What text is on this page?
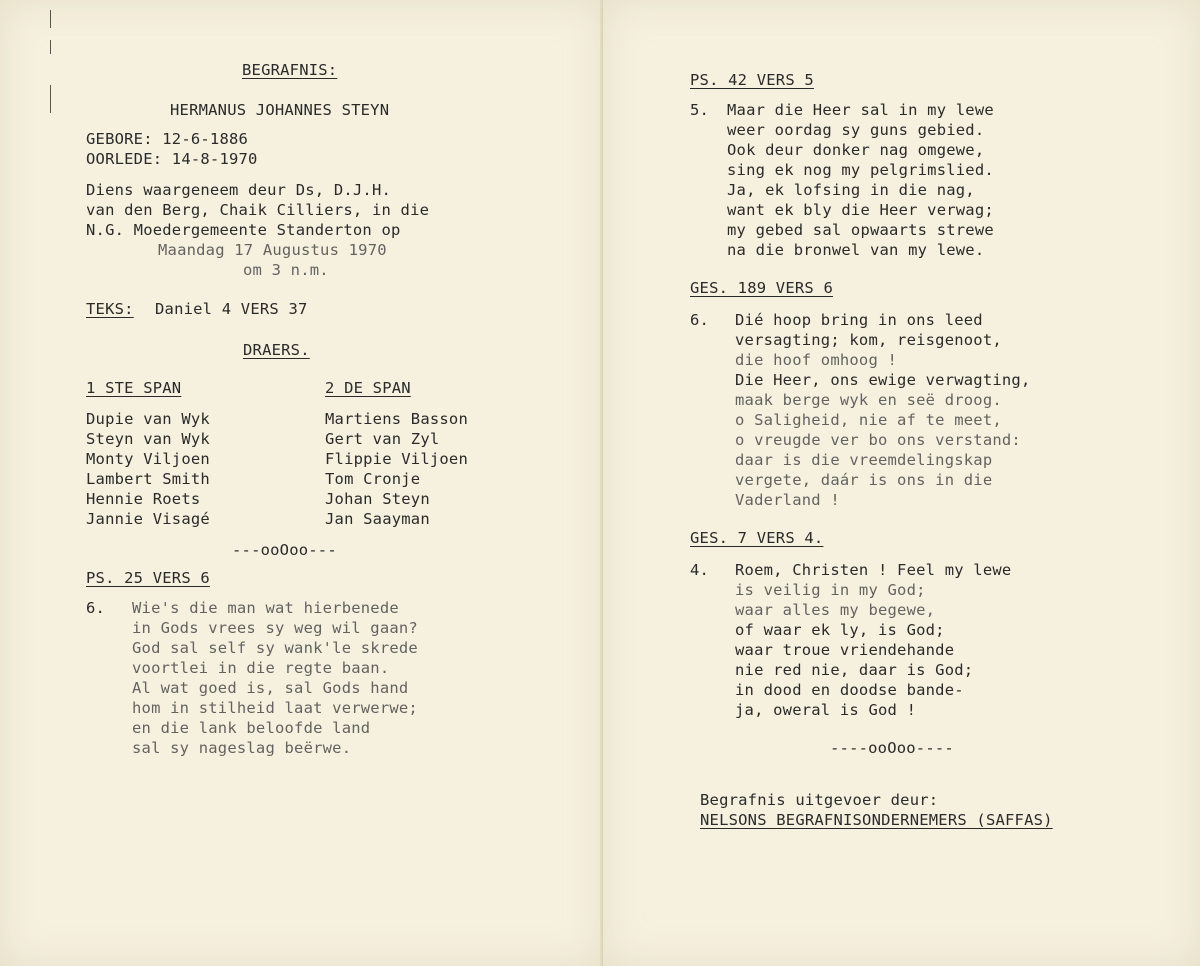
BEGRAFNIS:
HERMANUS JOHANNES STEYN
GEBORE: 12-6-1886
OORLEDE: 14-8-1970
Diens waargeneem deur Ds, D.J.H.
van den Berg, Chaik Cilliers, in die
N.G. Moedergemeente Standerton op
Maandag 17 Augustus 1970
om 3 n.m.
TEKS: Daniel 4 VERS 37
DRAERS.
1 STE SPAN	2 DE SPAN
Dupie van Wyk
Steyn van Wyk
Monty Viljoen
Lambert Smith
Hennie Roets
Jannie Visagé
Martiens Basson
Gert van Zyl
Flippie Viljoen
Tom Cronje
Johan Steyn
Jan Saayman
---ooOoo---
PS. 25 VERS 6
6. Wie's die man wat hierbenede
in Gods vrees sy weg wil gaan?
God sal self sy wank'le skrede
voortlei in die regte baan.
Al wat goed is, sal Gods hand
hom in stilheid laat verwerwe;
en die lank beloofde land
sal sy nageslag beërwe.
PS. 42 VERS 5
5. Maar die Heer sal in my lewe
weer oordag sy guns gebied.
Ook deur donker nag omgewe,
sing ek nog my pelgrimslied.
Ja, ek lofsing in die nag,
want ek bly die Heer verwag;
my gebed sal opwaarts strewe
na die bronwel van my lewe.
GES. 189 VERS 6
6. Dié hoop bring in ons leed
versagting; kom, reisgenoot,
die hoof omhoog !
Die Heer, ons ewige verwagting,
maak berge wyk en seë droog.
o Saligheid, nie af te meet,
o vreugde ver bo ons verstand:
daar is die vreemdelingskap
vergete, daár is ons in die
Vaderland !
GES. 7 VERS 4.
4. Roem, Christen ! Feel my lewe
is veilig in my God;
waar alles my begewe,
of waar ek ly, is God;
waar troue vriendehande
nie red nie, daar is God;
in dood en doodse bande-
ja, oweral is God !
----ooOoo----
Begrafnis uitgevoer deur:
NELSONS BEGRAFNISONDERNEMERS (SAFFAS)
